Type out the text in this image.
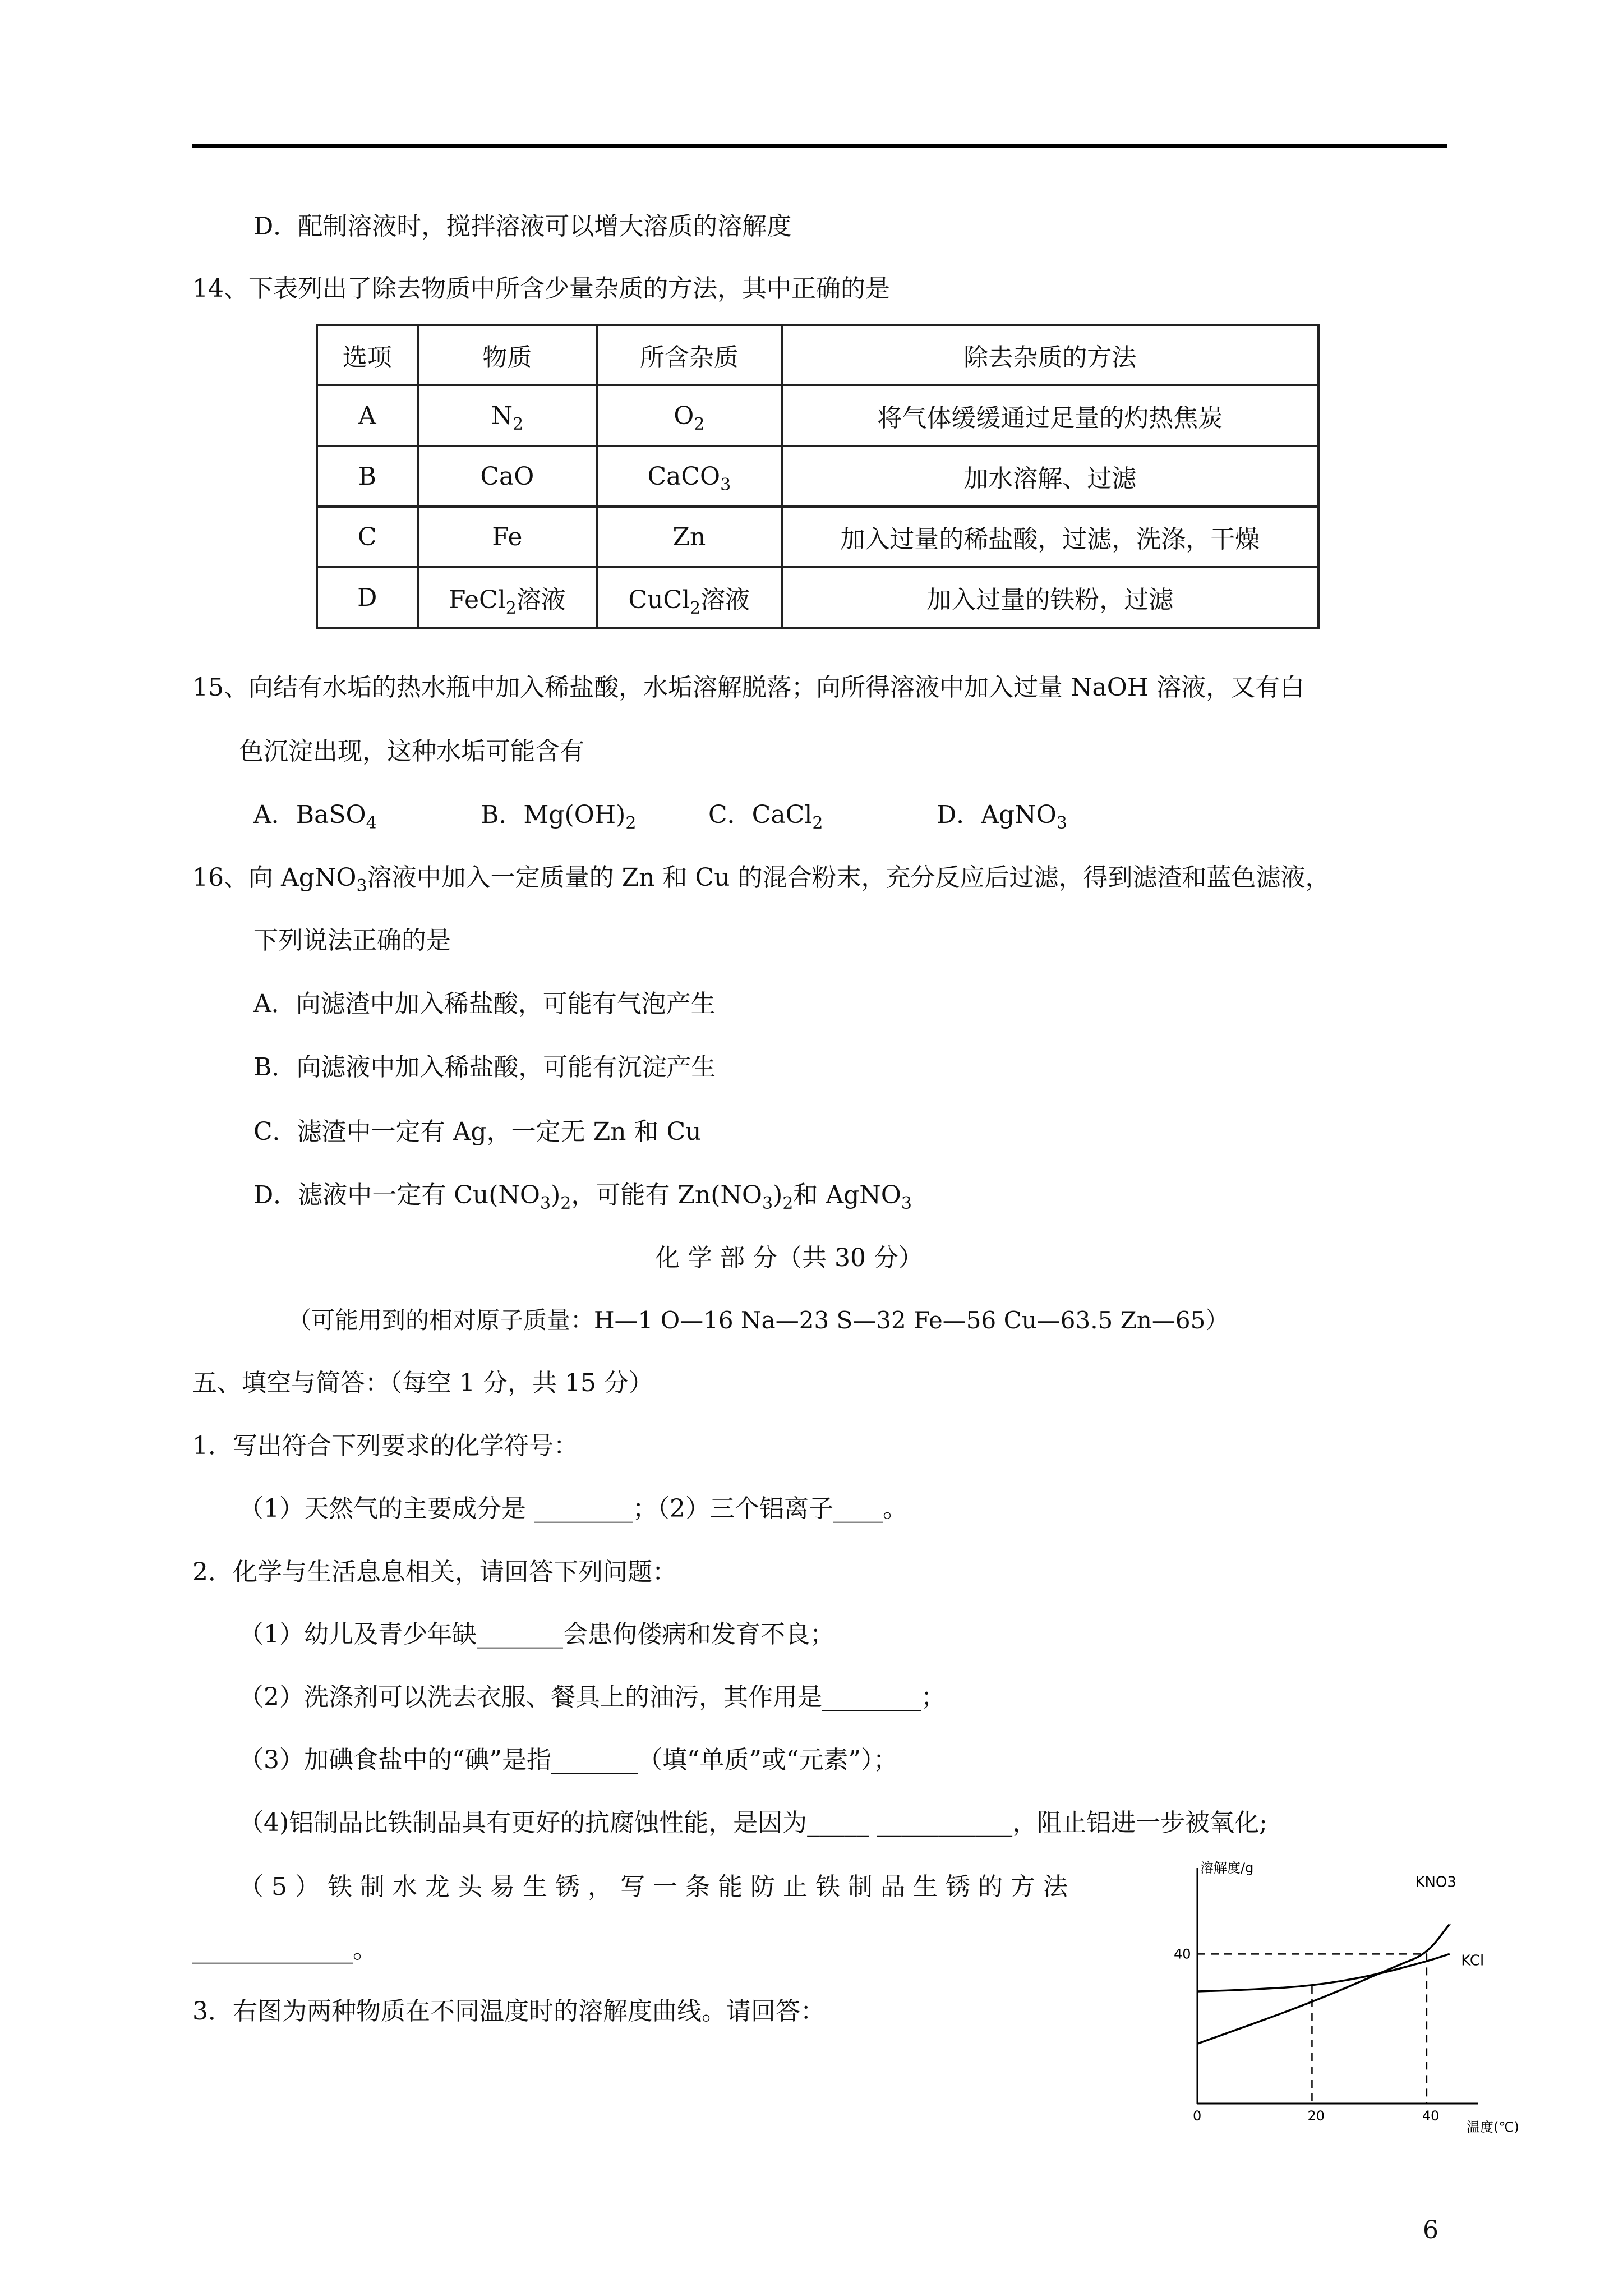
D．配制溶液时，搅拌溶液可以增大溶质的溶解度
14、下表列出了除去物质中所含少量杂质的方法，其中正确的是
选项	物质	所含杂质	除去杂质的方法
A	$N_2$	$O_2$	将气体缓缓通过足量的灼热焦炭
B	CaO	CaCO$_3$	加水溶解、过滤
C	Fe	Zn	加入过量的稀盐酸，过滤，洗涤，干燥
D	FeCl$_2$溶液	CuCl$_2$溶液	加入过量的铁粉，过滤
15、向结有水垢的热水瓶中加入稀盐酸，水垢溶解脱落；向所得溶液中加入过量 NaOH 溶液，又有白
色沉淀出现，这种水垢可能含有
A．BaSO$_4$	B．$Mg(OH)_2$	C．CaCl$_2$	D．AgNO$_3$
16、向 AgNO$_3$溶液中加入一定质量的 Zn 和 Cu 的混合粉末，充分反应后过滤，得到滤渣和蓝色滤液，
下列说法正确的是
A．向滤渣中加入稀盐酸，可能有气泡产生
B．向滤液中加入稀盐酸，可能有沉淀产生
C．滤渣中一定有 Ag，一定无 Zn 和 Cu
D．滤液中一定有 $Cu(NO_3)_2$，可能有 $Zn(NO_3)_2$和 AgNO$_3$
化 学 部 分（共 30 分）
（可能用到的相对原子质量：H—1 O—16 Na—23 S—32 Fe—56 Cu—63.5 Zn—65）
五、填空与简答：（每空 1 分，共 15 分）
1．写出符合下列要求的化学符号：
（1）天然气的主要成分是 ________；（2）三个铝离子____。
2．化学与生活息息相关，请回答下列问题：
（1）幼儿及青少年缺_______会患佝偻病和发育不良；
（2）洗涤剂可以洗去衣服、餐具上的油污，其作用是________；
（3）加碘食盐中的“碘”是指_______（填“单质”或“元素”）；
（4)铝制品比铁制品具有更好的抗腐蚀性能，是因为_____ ___________，阻止铝进一步被氧化;
（5）铁制水龙头易生锈，写一条能防止铁制品生锈的方法
_____________。
3．右图为两种物质在不同温度时的溶解度曲线。请回答：
溶解度/g
温度(℃)
0	20	40
40
KNO3
KCl
6
